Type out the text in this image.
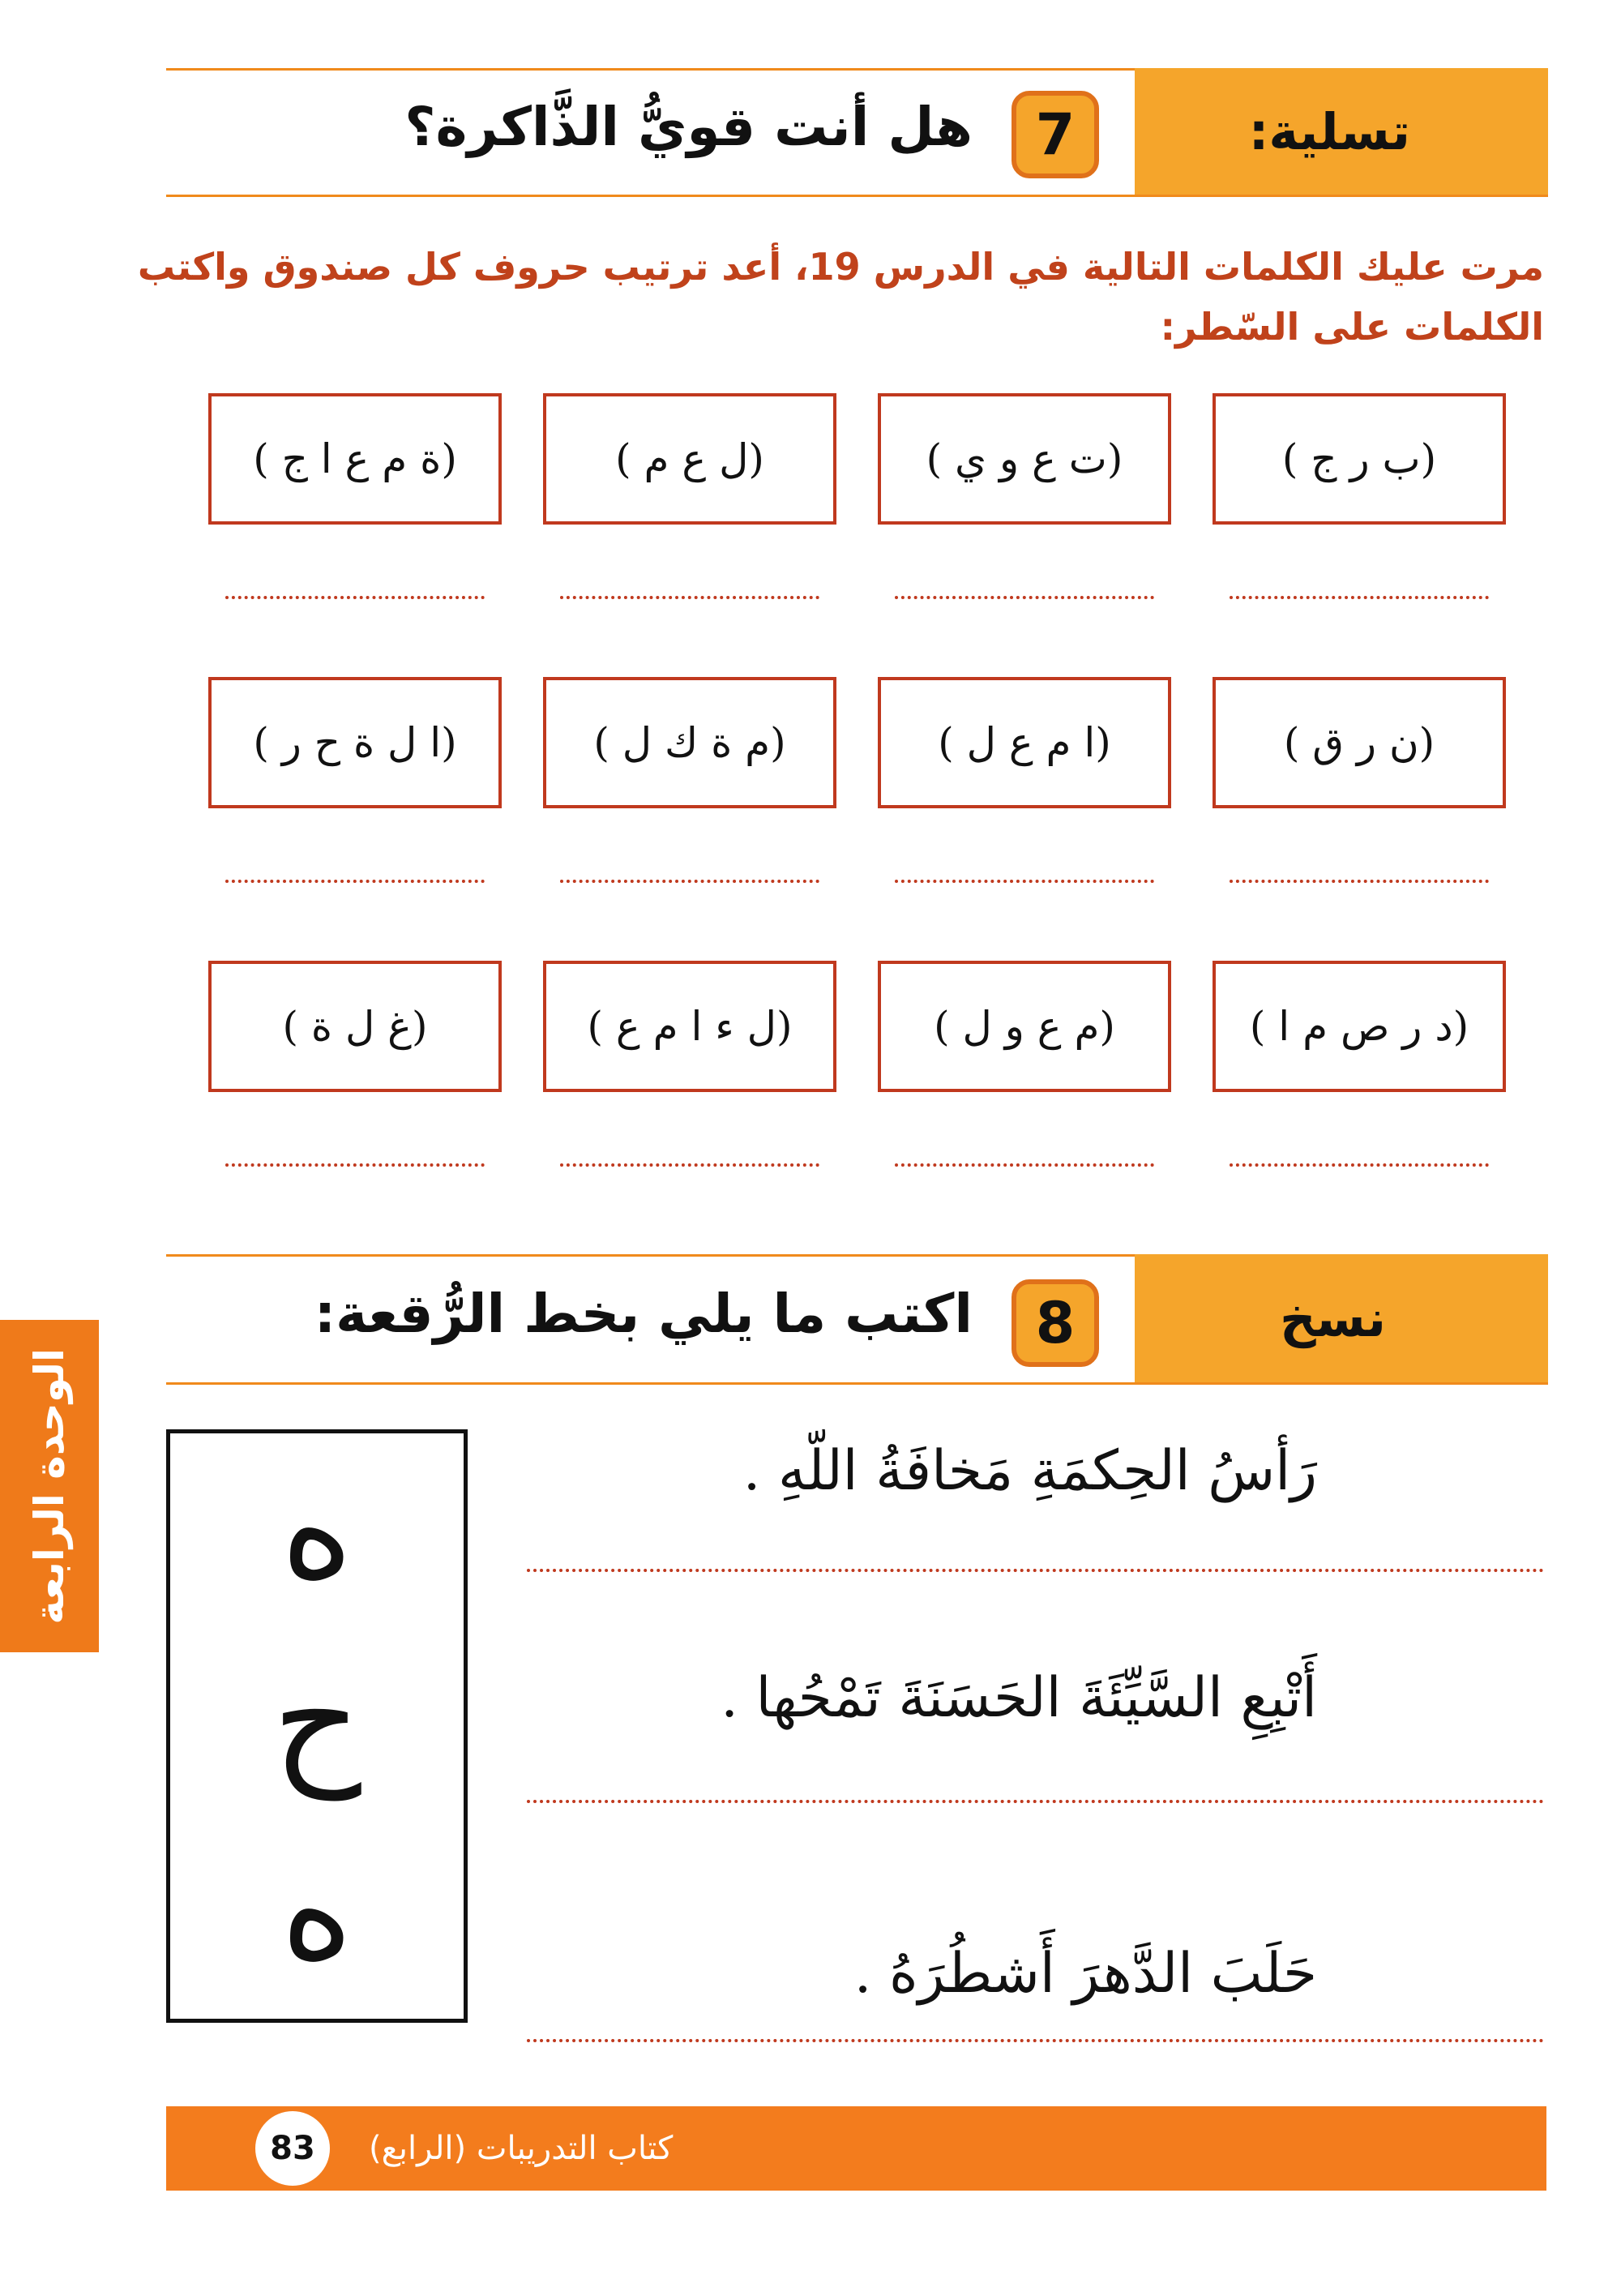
تسلية:
7
هل أنت قويُّ الذَّاكرة؟
مرت عليك الكلمات التالية في الدرس 19، أعد ترتيب حروف كل صندوق واكتب الكلمات على السّطر:
(ب ر ج )
(ت ع و ي )
(ل ع م )
(ة م ع ا ج )
(ن ر ق )
(ا م ع ل )
(م ة ك ل )
(ا ل ة ح ر )
(د ر ص م ا )
(م ع و ل )
(ل ء ا م ع )
(غ ل ة )
نسخ
8
اكتب ما يلي بخط الرُّقعة:
الوحدة الرابعة	ه
ح
ه
رَأسُ الحِكمَةِ مَخافَةُ اللّهِ .
أَتْبِعِ السَّيِّئَةَ الحَسَنَةَ تَمْحُها .
حَلَبَ الدَّهرَ أَشطُرَهُ .
كتاب التدريبات (الرابع)
83
